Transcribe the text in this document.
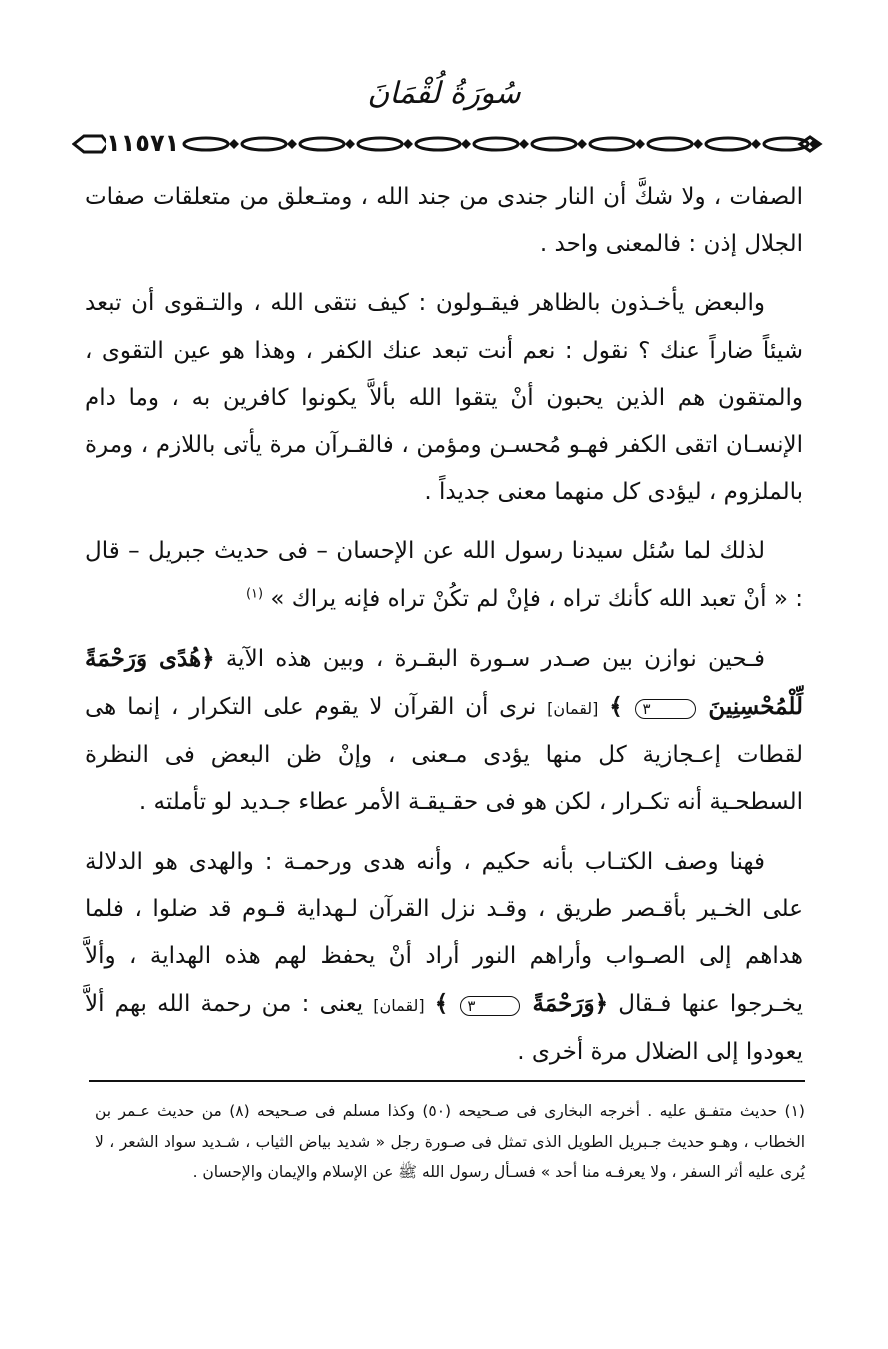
سُورَةُ لُقْمَانَ
١١٥٧١

الصفات ، ولا شكَّ أن النار جندى من جند الله ، ومتـعلق من متعلقات صفات الجلال إذن : فالمعنى واحد .

والبعض يأخـذون بالظاهر فيقـولون : كيف نتقى الله ، والتـقوى أن تبعد شيئاً ضاراً عنك ؟ نقول : نعم أنت تبعد عنك الكفر ، وهذا هو عين التقوى ، والمتقون هم الذين يحبون أنْ يتقوا الله بألاَّ يكونوا كافرين به ، وما دام الإنسـان اتقى الكفر فهـو مُحسـن ومؤمن ، فالقـرآن مرة يأتى باللازم ، ومرة بالملزوم ، ليؤدى كل منهما معنى جديداً .

لذلك لما سُئل سيدنا رسول الله عن الإحسان – فى حديث جبريل – قال : « أنْ تعبد الله كأنك تراه ، فإنْ لم تكُنْ تراه فإنه يراك » $^{(١)}$

فـحين نوازن بين صـدر سـورة البقـرة ، وبين هذه الآية ﴿هُدًى وَرَحْمَةً لِّلْمُحْسِنِينَ ٣ ﴾ [لقمان] نرى أن القرآن لا يقوم على التكرار ، إنما هى لقطات إعـجازية كل منها يؤدى مـعنى ، وإنْ ظن البعض فى النظرة السطحـية أنه تكـرار ، لكن هو فى حقـيقـة الأمر عطاء جـديد لو تأملته .

فهنا وصف الكتـاب بأنه حكيم ، وأنه هدى ورحمـة : والهدى هو الدلالة على الخـير بأقـصر طريق ، وقـد نزل القرآن لـهداية قـوم قد ضلوا ، فلما هداهم إلى الصـواب وأراهم النور أراد أنْ يحفظ لهم هذه الهداية ، وألاَّ يخـرجوا عنها فـقال ﴿وَرَحْمَةً ٣ ﴾ [لقمان] يعنى : من رحمة الله بهم ألاَّ يعودوا إلى الضلال مرة أخرى .

(١) حديث متفـق عليه . أخرجه البخارى فى صـحيحه (٥٠) وكذا مسلم فى صـحيحه (٨) من حديث عـمر بن الخطاب ، وهـو حديث جـبريل الطويل الذى تمثل فى صـورة رجل « شديد بياض الثياب ، شـديد سواد الشعر ، لا يُرى عليه أثر السفر ، ولا يعرفـه منا أحد » فسـأل رسول الله ﷺ عن الإسلام والإيمان والإحسان .
